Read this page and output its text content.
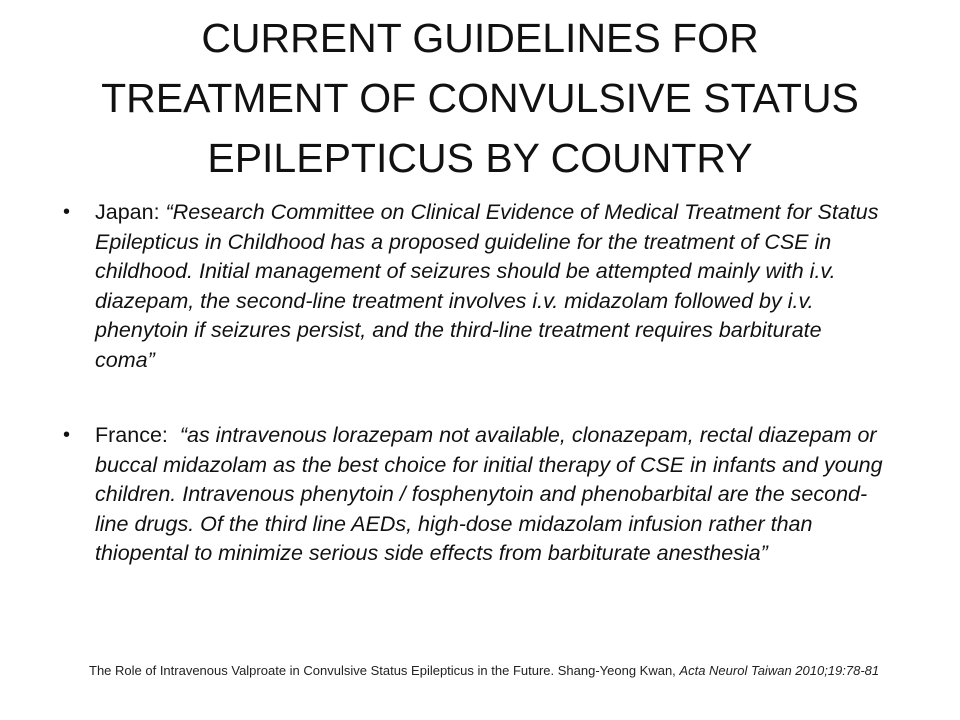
CURRENT GUIDELINES FOR
TREATMENT OF CONVULSIVE STATUS
EPILEPTICUS BY COUNTRY
• Japan: “Research Committee on Clinical Evidence of Medical Treatment for Status Epilepticus in Childhood has a proposed guideline for the treatment of CSE in childhood. Initial management of seizures should be attempted mainly with i.v. diazepam, the second-line treatment involves i.v. midazolam followed by i.v. phenytoin if seizures persist, and the third-line treatment requires barbiturate coma”
• France:  “as intravenous lorazepam not available, clonazepam, rectal diazepam or buccal midazolam as the best choice for initial therapy of CSE in infants and young children. Intravenous phenytoin / fosphenytoin and phenobarbital are the second-line drugs. Of the third line AEDs, high-dose midazolam infusion rather than thiopental to minimize serious side effects from barbiturate anesthesia”
The Role of Intravenous Valproate in Convulsive Status Epilepticus in the Future. Shang-Yeong Kwan, Acta Neurol Taiwan 2010;19:78-81
